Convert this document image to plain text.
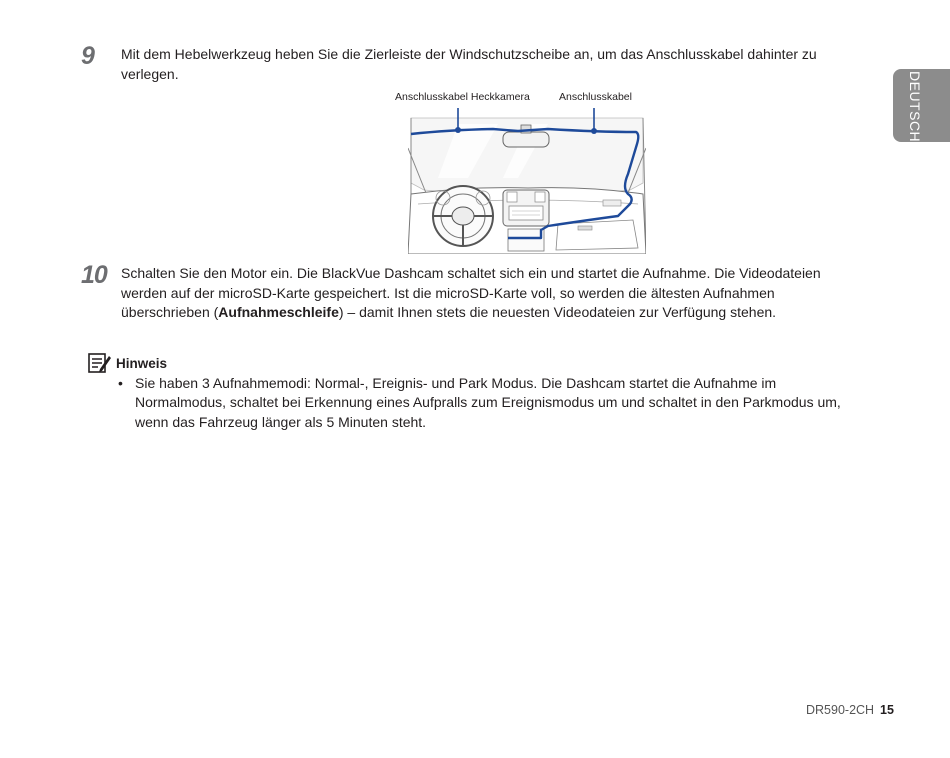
DEUTSCH
9 Mit dem Hebelwerkzeug heben Sie die Zierleiste der Windschutzscheibe an, um das Anschlusskabel dahinter zu verlegen.
Anschlusskabel Heckkamera	Anschlusskabel
10 Schalten Sie den Motor ein. Die BlackVue Dashcam schaltet sich ein und startet die Aufnahme. Die Videodateien werden auf der microSD-Karte gespeichert. Ist die microSD-Karte voll, so werden die ältesten Aufnahmen überschrieben (Aufnahmeschleife) – damit Ihnen stets die neuesten Videodateien zur Verfügung stehen.
Hinweis
• Sie haben 3 Aufnahmemodi: Normal-, Ereignis- und Park Modus. Die Dashcam startet die Aufnahme im Normalmodus, schaltet bei Erkennung eines Aufpralls zum Ereignismodus um und schaltet in den Parkmodus um, wenn das Fahrzeug länger als 5 Minuten steht.
DR590-2CH 15
